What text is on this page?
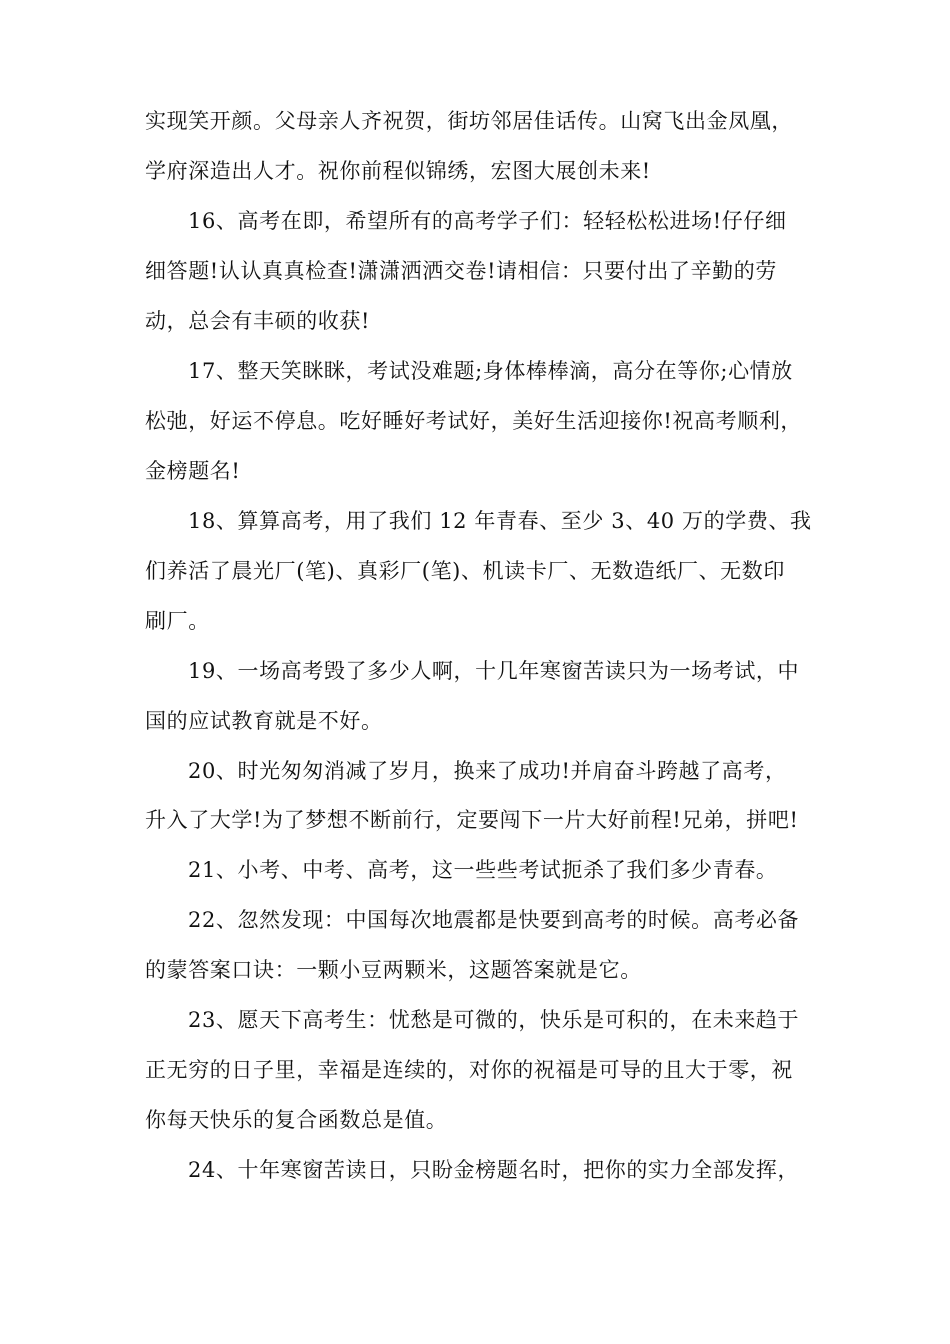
实现笑开颜。父母亲人齐祝贺，街坊邻居佳话传。山窝飞出金凤凰，
学府深造出人才。祝你前程似锦绣，宏图大展创未来!
16、高考在即，希望所有的高考学子们：轻轻松松进场!仔仔细
细答题!认认真真检查!潇潇洒洒交卷!请相信：只要付出了辛勤的劳
动，总会有丰硕的收获!
17、整天笑眯眯，考试没难题;身体棒棒滴，高分在等你;心情放
松弛，好运不停息。吃好睡好考试好，美好生活迎接你!祝高考顺利，
金榜题名!
18、算算高考，用了我们 12 年青春、至少 3、40 万的学费、我
们养活了晨光厂(笔)、真彩厂(笔)、机读卡厂、无数造纸厂、无数印
刷厂。
19、一场高考毁了多少人啊，十几年寒窗苦读只为一场考试，中
国的应试教育就是不好。
20、时光匆匆消减了岁月，换来了成功!并肩奋斗跨越了高考，
升入了大学!为了梦想不断前行，定要闯下一片大好前程!兄弟，拼吧!
21、小考、中考、高考，这一些些考试扼杀了我们多少青春。
22、忽然发现：中国每次地震都是快要到高考的时候。高考必备
的蒙答案口诀：一颗小豆两颗米，这题答案就是它。
23、愿天下高考生：忧愁是可微的，快乐是可积的，在未来趋于
正无穷的日子里，幸福是连续的，对你的祝福是可导的且大于零，祝
你每天快乐的复合函数总是值。
24、十年寒窗苦读日，只盼金榜题名时，把你的实力全部发挥，
